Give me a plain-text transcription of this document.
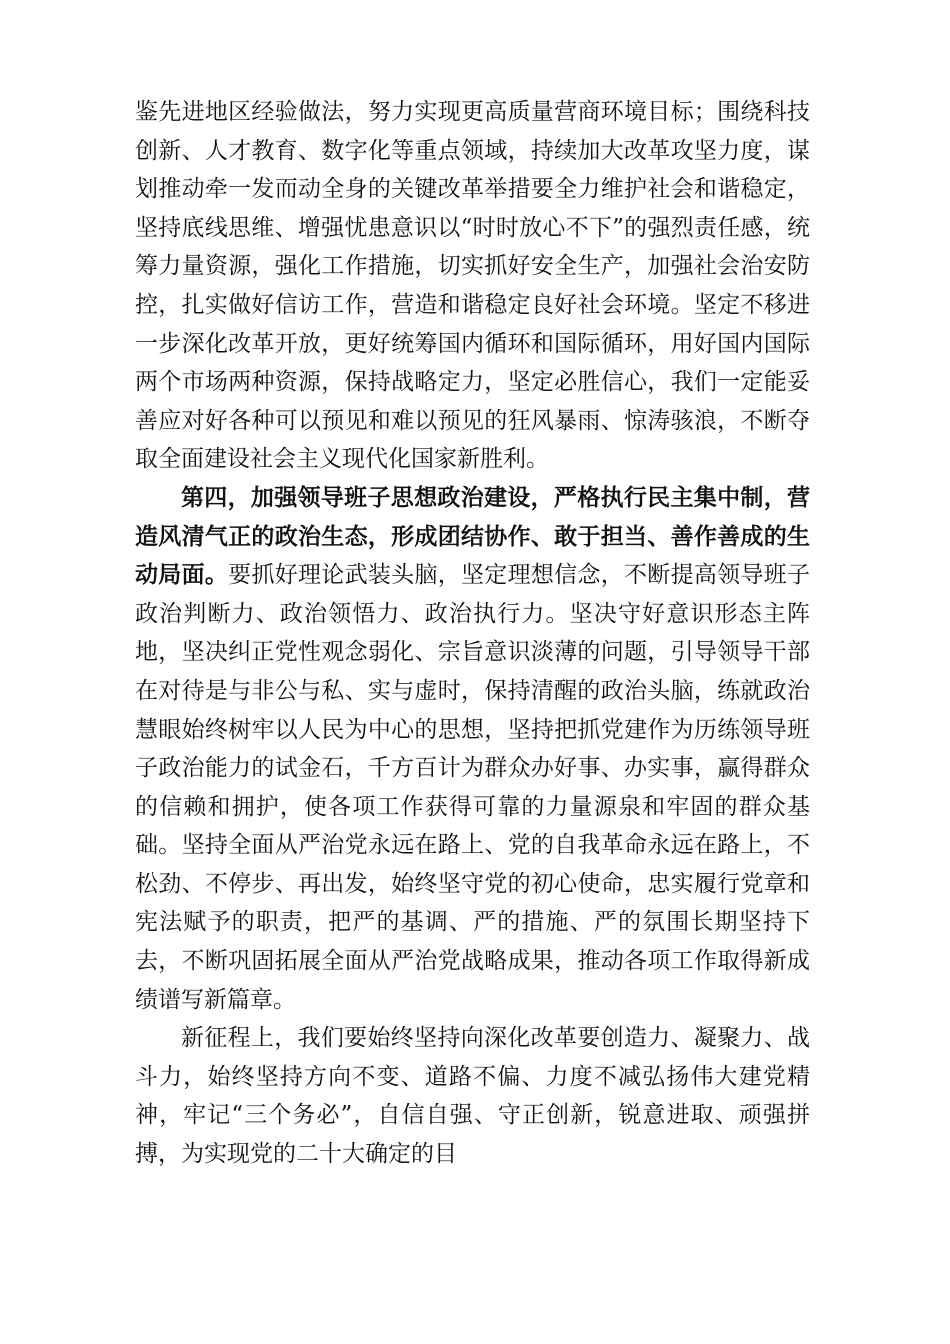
鉴先进地区经验做法，努力实现更高质量营商环境目标；围绕科技创新、人才教育、数字化等重点领域，持续加大改革攻坚力度，谋划推动牵一发而动全身的关键改革举措要全力维护社会和谐稳定，坚持底线思维、增强忧患意识以“时时放心不下”的强烈责任感，统筹力量资源，强化工作措施，切实抓好安全生产，加强社会治安防控，扎实做好信访工作，营造和谐稳定良好社会环境。坚定不移进一步深化改革开放，更好统筹国内循环和国际循环，用好国内国际两个市场两种资源，保持战略定力，坚定必胜信心，我们一定能妥善应对好各种可以预见和难以预见的狂风暴雨、惊涛骇浪，不断夺取全面建设社会主义现代化国家新胜利。

第四，加强领导班子思想政治建设，严格执行民主集中制，营造风清气正的政治生态，形成团结协作、敢于担当、善作善成的生动局面。要抓好理论武装头脑，坚定理想信念，不断提高领导班子政治判断力、政治领悟力、政治执行力。坚决守好意识形态主阵地，坚决纠正党性观念弱化、宗旨意识淡薄的问题，引导领导干部在对待是与非公与私、实与虚时，保持清醒的政治头脑，练就政治慧眼始终树牢以人民为中心的思想，坚持把抓党建作为历练领导班子政治能力的试金石，千方百计为群众办好事、办实事，赢得群众的信赖和拥护，使各项工作获得可靠的力量源泉和牢固的群众基础。坚持全面从严治党永远在路上、党的自我革命永远在路上，不松劲、不停步、再出发，始终坚守党的初心使命，忠实履行党章和宪法赋予的职责，把严的基调、严的措施、严的氛围长期坚持下去，不断巩固拓展全面从严治党战略成果，推动各项工作取得新成绩谱写新篇章。

新征程上，我们要始终坚持向深化改革要创造力、凝聚力、战斗力，始终坚持方向不变、道路不偏、力度不减弘扬伟大建党精神，牢记“三个务必”，自信自强、守正创新，锐意进取、顽强拼搏，为实现党的二十大确定的目
